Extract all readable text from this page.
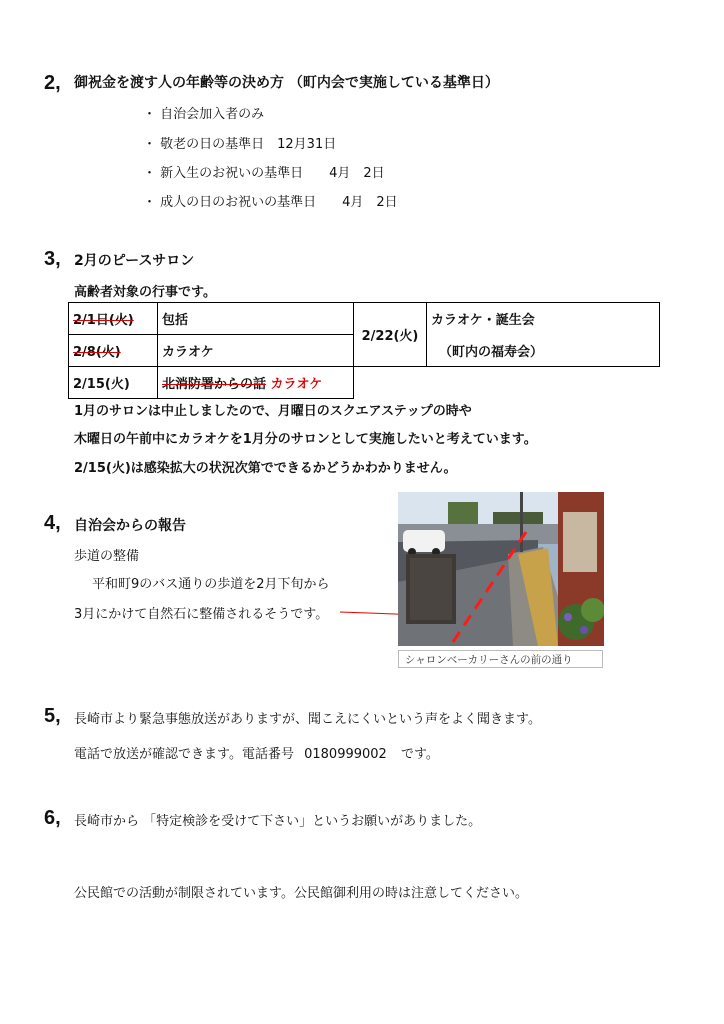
2, 御祝金を渡す人の年齢等の決め方 （町内会で実施している基準日）
・ 自治会加入者のみ
・ 敬老の日の基準日　12月31日
・ 新入生のお祝いの基準日　　4月　2日
・ 成人の日のお祝いの基準日　　4月　2日
3, 2月のピースサロン
高齢者対象の行事です。
2/1日(火)	包括	2/22(火)	カラオケ・誕生会
2/8(火)	カラオケ		（町内の福寿会）
2/15(火)	北消防署からの話 カラオケ		
1月のサロンは中止しましたので、月曜日のスクエアステップの時や
木曜日の午前中にカラオケを1月分のサロンとして実施したいと考えています。
2/15(火)は感染拡大の状況次第でできるかどうかわかりません。
4, 自治会からの報告
歩道の整備
平和町9のバス通りの歩道を2月下旬から
3月にかけて自然石に整備されるそうです。
シャロンベーカリーさんの前の通り
5, 長崎市より緊急事態放送がありますが、聞こえにくいという声をよく聞きます。
電話で放送が確認できます。電話番号 0180999002 です。
6, 長崎市から 「特定検診を受けて下さい」というお願いがありました。
公民館での活動が制限されています。公民館御利用の時は注意してください。
